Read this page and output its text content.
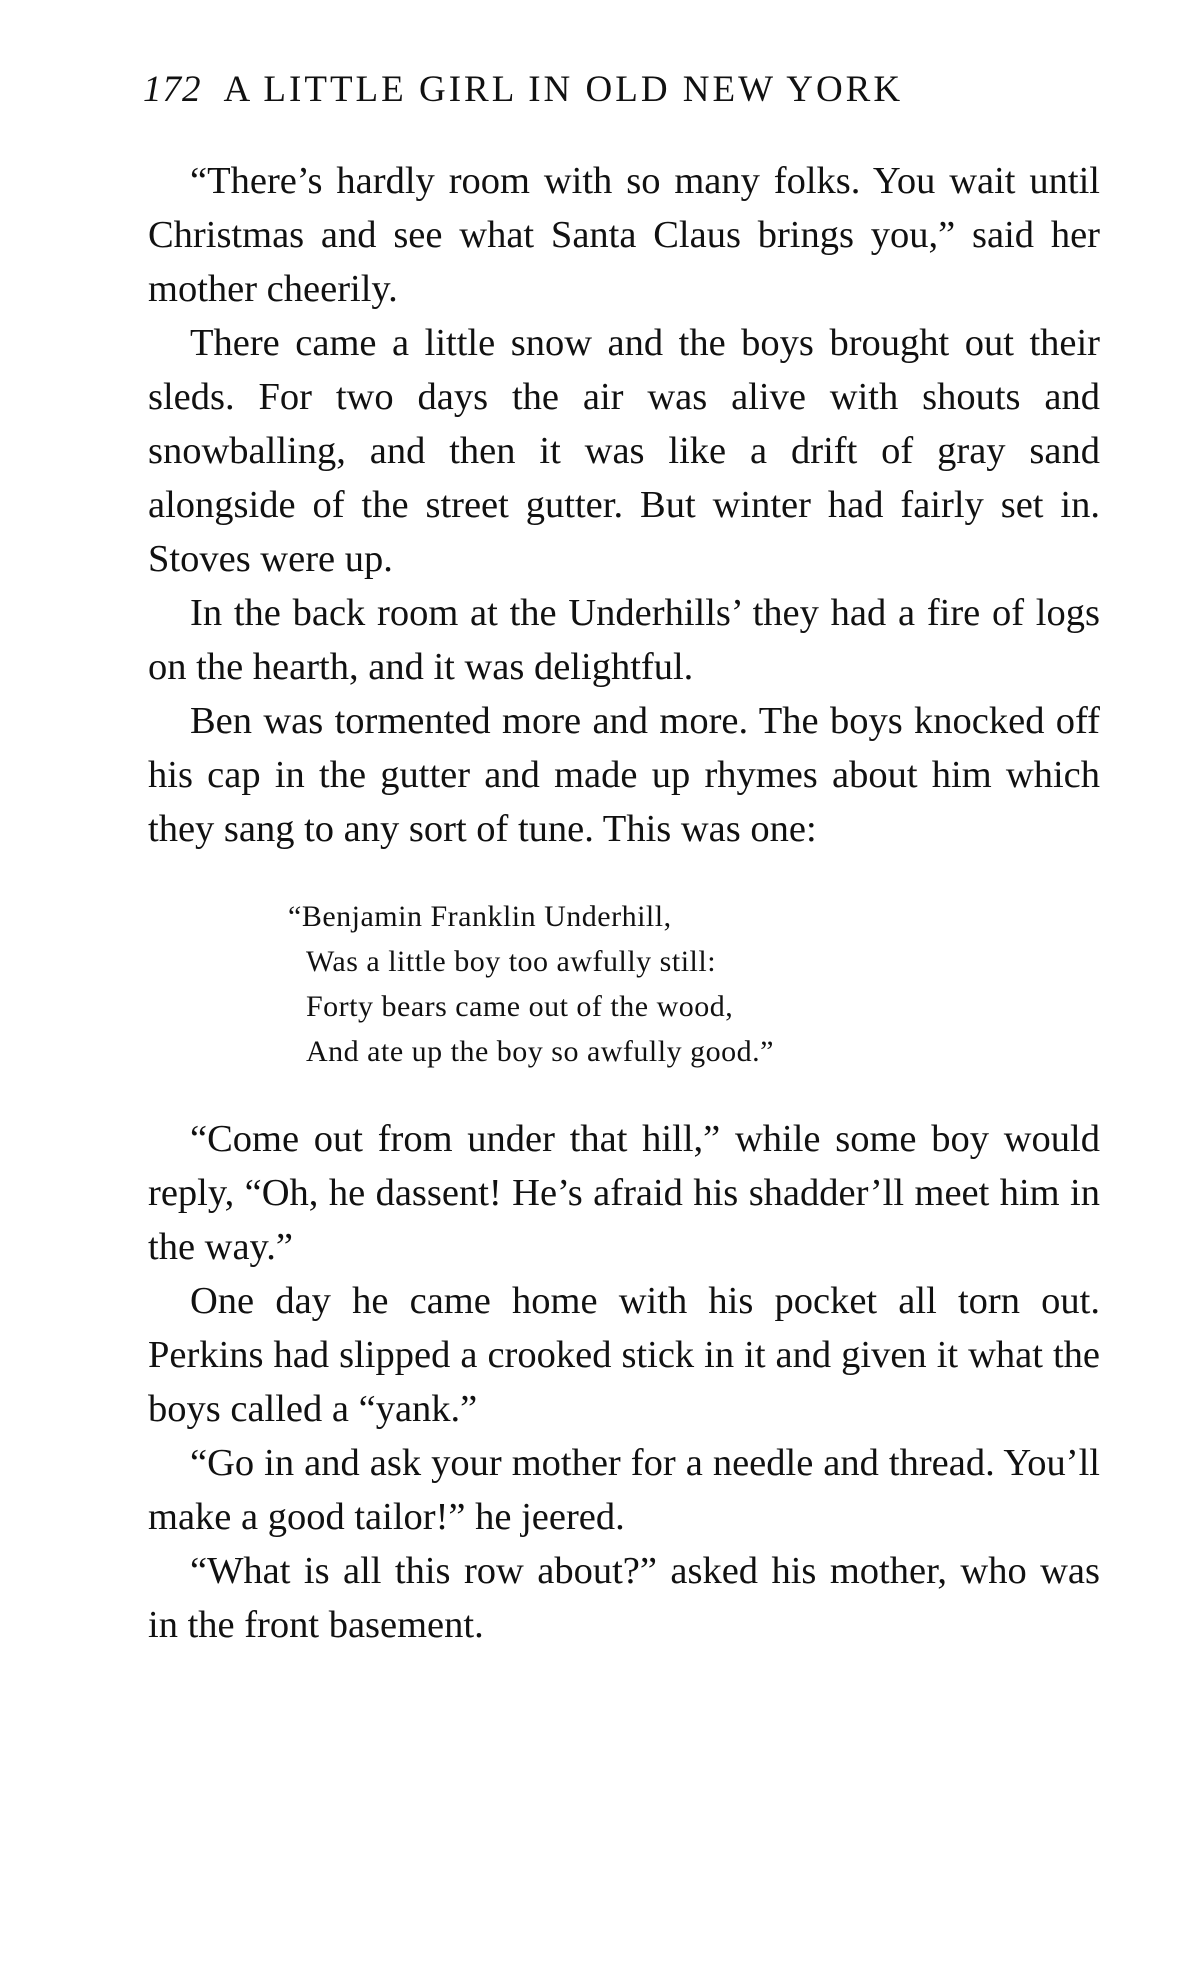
172 A LITTLE GIRL IN OLD NEW YORK

“There’s hardly room with so many folks. You wait until Christmas and see what Santa Claus brings you,” said her mother cheerily.

There came a little snow and the boys brought out their sleds. For two days the air was alive with shouts and snowballing, and then it was like a drift of gray sand alongside of the street gutter. But winter had fairly set in. Stoves were up.

In the back room at the Underhills’ they had a fire of logs on the hearth, and it was delightful.

Ben was tormented more and more. The boys knocked off his cap in the gutter and made up rhymes about him which they sang to any sort of tune. This was one:

“Benjamin Franklin Underhill,
Was a little boy too awfully still:
Forty bears came out of the wood,
And ate up the boy so awfully good.”

“Come out from under that hill,” while some boy would reply, “Oh, he dassent! He’s afraid his shadder’ll meet him in the way.”

One day he came home with his pocket all torn out. Perkins had slipped a crooked stick in it and given it what the boys called a “yank.”

“Go in and ask your mother for a needle and thread. You’ll make a good tailor!” he jeered.

“What is all this row about?” asked his mother, who was in the front basement.
